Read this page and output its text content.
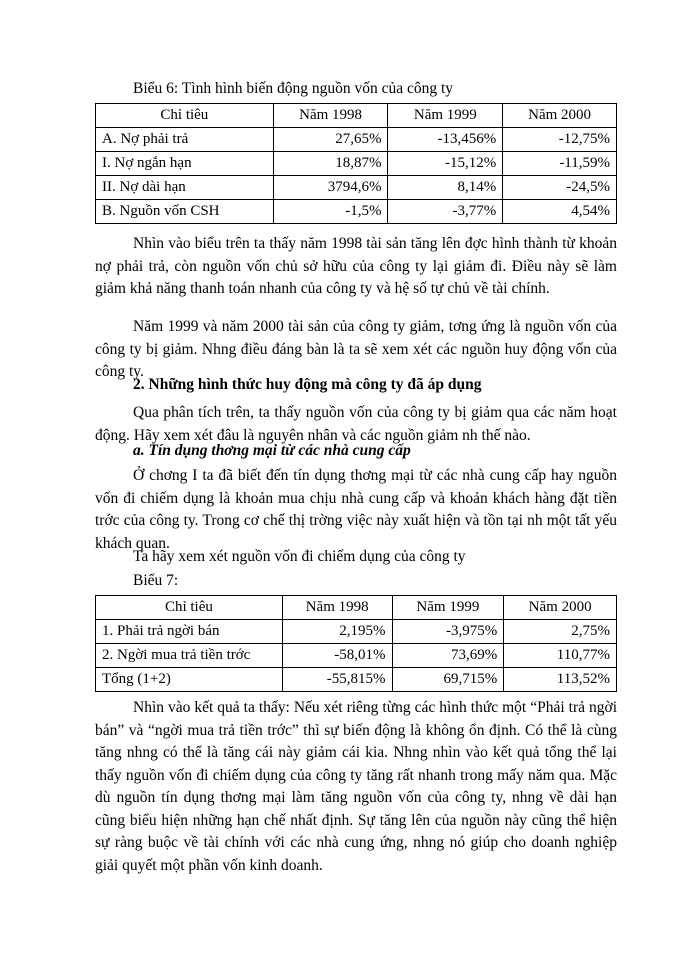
Biểu 6: Tình hình biến động nguồn vốn của công ty
Chỉ tiêu	Năm 1998	Năm 1999	Năm 2000
A. Nợ phải trả	27,65%	-13,456%	-12,75%
I. Nợ ngắn hạn	18,87%	-15,12%	-11,59%
II. Nợ dài hạn	3794,6%	8,14%	-24,5%
B. Nguồn vốn CSH	-1,5%	-3,77%	4,54%
Nhìn vào biểu trên ta thấy năm 1998 tài sản tăng lên đợc hình thành từ khoản nợ phải trả, còn nguồn vốn chủ sở hữu của công ty lại giảm đi. Điều này sẽ làm giảm khả năng thanh toán nhanh của công ty và hệ số tự chủ về tài chính.
Năm 1999 và năm 2000 tài sản của công ty giảm, tơng ứng là nguồn vốn của công ty bị giảm. Nhng điều đáng bàn là ta sẽ xem xét các nguồn huy động vốn của công ty.
2. Những hình thức huy động mà công ty đã áp dụng
Qua phân tích trên, ta thấy nguồn vốn của công ty bị giảm qua các năm hoạt động. Hãy xem xét đâu là nguyên nhân và các nguồn giảm nh thế nào.
a. Tín dụng thơng mại từ các nhà cung cấp
Ở chơng I ta đã biết đến tín dụng thơng mại từ các nhà cung cấp hay nguồn vốn đi chiếm dụng là khoản mua chịu nhà cung cấp và khoản khách hàng đặt tiền trớc của công ty. Trong cơ chế thị trờng việc này xuất hiện và tồn tại nh một tất yếu khách quan.
Ta hãy xem xét nguồn vốn đi chiếm dụng của công ty
Biểu 7:
Chỉ tiêu	Năm 1998	Năm 1999	Năm 2000
1. Phải trả ngời bán	2,195%	-3,975%	2,75%
2. Ngời mua trả tiền trớc	-58,01%	73,69%	110,77%
Tổng (1+2)	-55,815%	69,715%	113,52%
Nhìn vào kết quả ta thấy: Nếu xét riêng từng các hình thức một “Phải trả ngời bán” và “ngời mua trả tiền trớc” thì sự biến động là không ổn định. Có thể là cùng tăng nhng có thể là tăng cái này giảm cái kia. Nhng nhìn vào kết quả tổng thể lại thấy nguồn vốn đi chiếm dụng của công ty tăng rất nhanh trong mấy năm qua. Mặc dù nguồn tín dụng thơng mại làm tăng nguồn vốn của công ty, nhng về dài hạn cũng biểu hiện những hạn chế nhất định. Sự tăng lên của nguồn này cũng thể hiện sự ràng buộc về tài chính với các nhà cung ứng, nhng nó giúp cho doanh nghiệp giải quyết một phần vốn kinh doanh.
